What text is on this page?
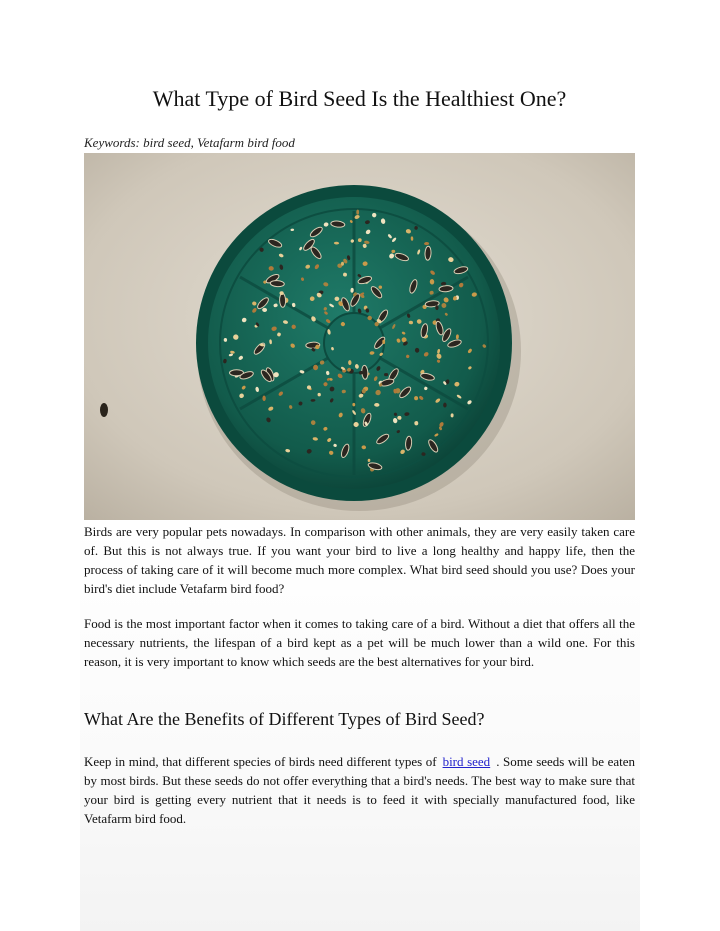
What Type of Bird Seed Is the Healthiest One?
Keywords: bird seed, Vetafarm bird food

Birds are very popular pets nowadays. In comparison with other animals, they are very easily taken care of. But this is not always true. If you want your bird to live a long healthy and happy life, then the process of taking care of it will become much more complex. What bird seed should you use? Does your bird's diet include Vetafarm bird food?

Food is the most important factor when it comes to taking care of a bird. Without a diet that offers all the necessary nutrients, the lifespan of a bird kept as a pet will be much lower than a wild one. For this reason, it is very important to know which seeds are the best alternatives for your bird.

What Are the Benefits of Different Types of Bird Seed?

Keep in mind, that different species of birds need different types of bird seed . Some seeds will be eaten by most birds. But these seeds do not offer everything that a bird's needs. The best way to make sure that your bird is getting every nutrient that it needs is to feed it with specially manufactured food, like Vetafarm bird food.
